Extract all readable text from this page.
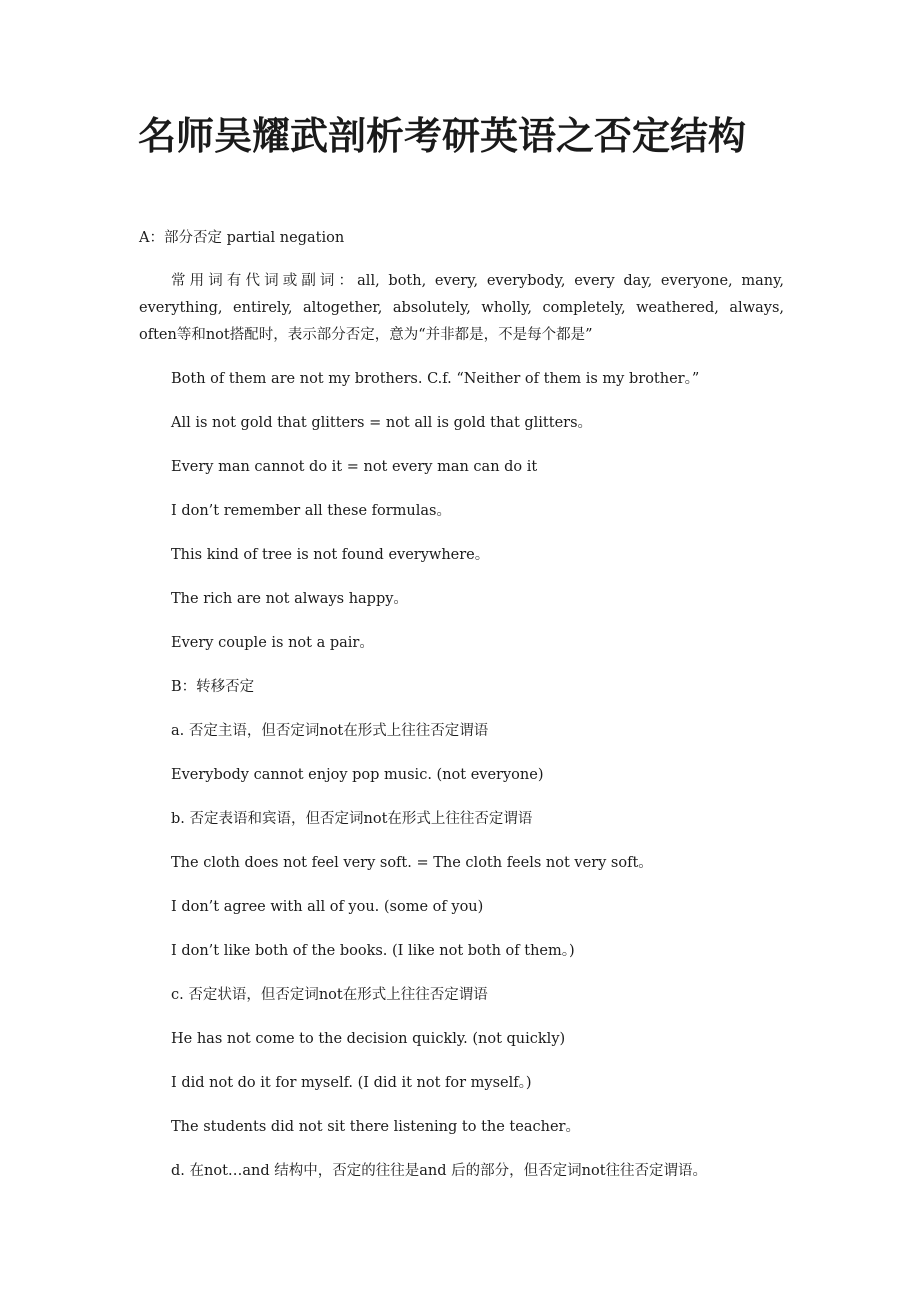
名师吴耀武剖析考研英语之否定结构

A：部分否定 partial negation

常用词有代词或副词：all, both, every, everybody, every day, everyone, many, everything, entirely, altogether, absolutely, wholly, completely, weathered, always, often等和not搭配时，表示部分否定，意为“并非都是，不是每个都是”

Both of them are not my brothers. C.f. “Neither of them is my brother。”

All is not gold that glitters = not all is gold that glitters。

Every man cannot do it = not every man can do it

I don’t remember all these formulas。

This kind of tree is not found everywhere。

The rich are not always happy。

Every couple is not a pair。

B：转移否定

a. 否定主语，但否定词not在形式上往往否定谓语

Everybody cannot enjoy pop music. (not everyone)

b. 否定表语和宾语，但否定词not在形式上往往否定谓语

The cloth does not feel very soft. = The cloth feels not very soft。

I don’t agree with all of you. (some of you)

I don’t like both of the books. (I like not both of them。)

c. 否定状语，但否定词not在形式上往往否定谓语

He has not come to the decision quickly. (not quickly)

I did not do it for myself. (I did it not for myself。)

The students did not sit there listening to the teacher。

d. 在not…and 结构中，否定的往往是and 后的部分，但否定词not往往否定谓语。
